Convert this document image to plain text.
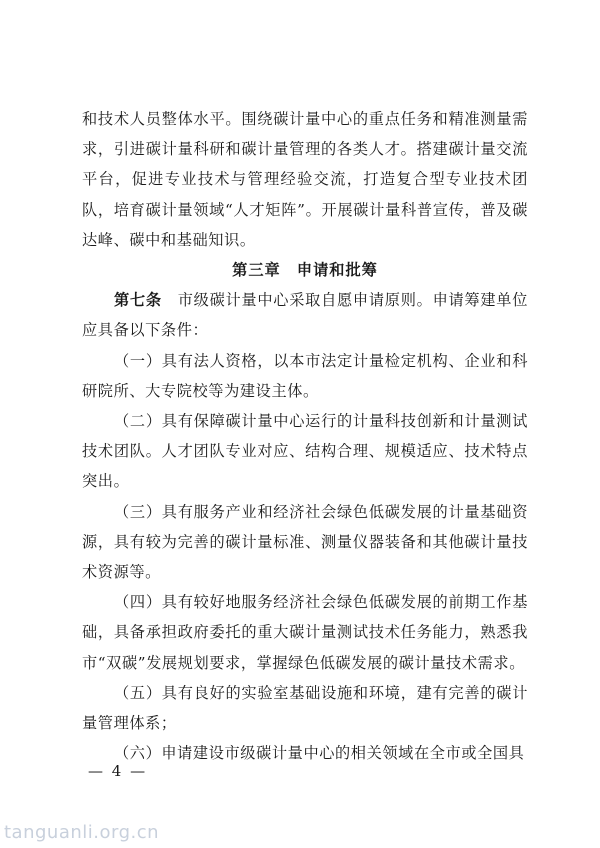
和技术人员整体水平。围绕碳计量中心的重点任务和精准测量需求，引进碳计量科研和碳计量管理的各类人才。搭建碳计量交流平台，促进专业技术与管理经验交流，打造复合型专业技术团队，培育碳计量领域“人才矩阵”。开展碳计量科普宣传，普及碳达峰、碳中和基础知识。

第三章　申请和批筹

第七条　市级碳计量中心采取自愿申请原则。申请筹建单位应具备以下条件：

（一）具有法人资格，以本市法定计量检定机构、企业和科研院所、大专院校等为建设主体。

（二）具有保障碳计量中心运行的计量科技创新和计量测试技术团队。人才团队专业对应、结构合理、规模适应、技术特点突出。

（三）具有服务产业和经济社会绿色低碳发展的计量基础资源，具有较为完善的碳计量标准、测量仪器装备和其他碳计量技术资源等。

（四）具有较好地服务经济社会绿色低碳发展的前期工作基础，具备承担政府委托的重大碳计量测试技术任务能力，熟悉我市“双碳”发展规划要求，掌握绿色低碳发展的碳计量技术需求。

（五）具有良好的实验室基础设施和环境，建有完善的碳计量管理体系；

（六）申请建设市级碳计量中心的相关领域在全市或全国具

— 4 —
tanguanli.org.cn
